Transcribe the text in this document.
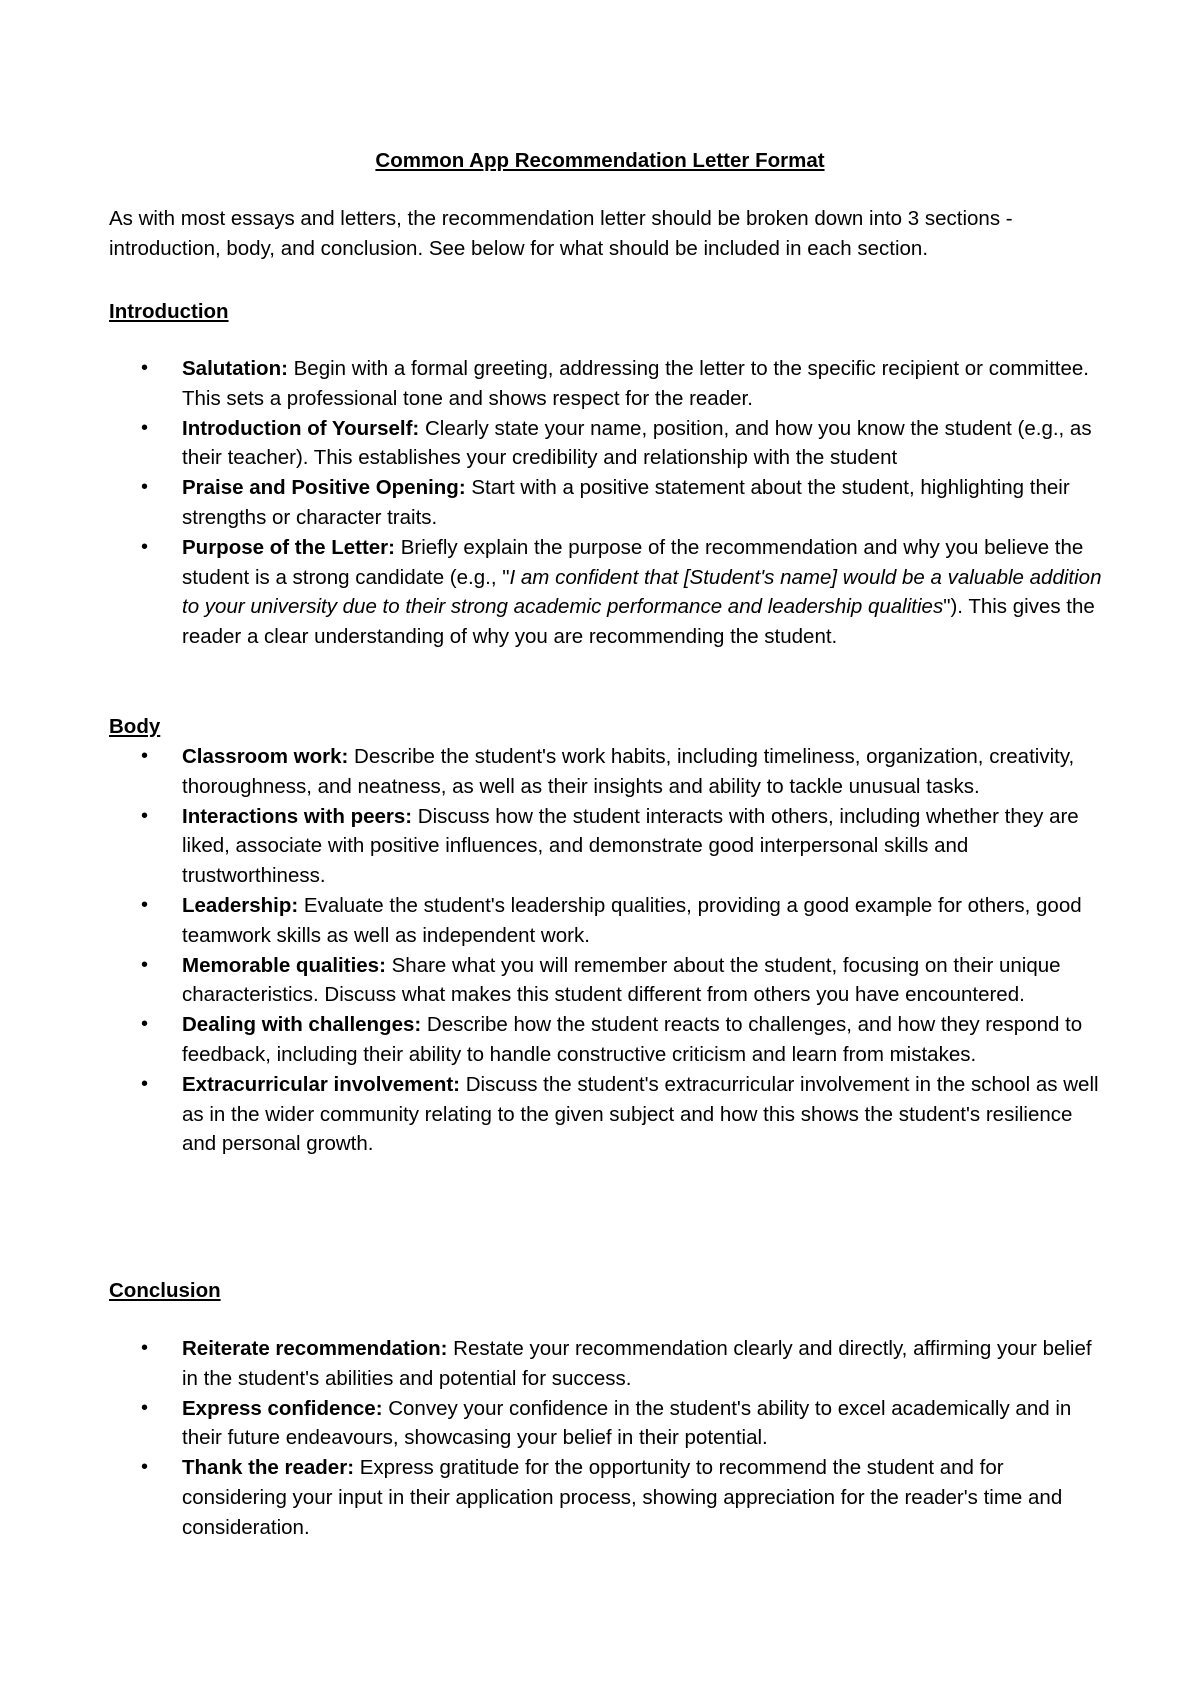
Common App Recommendation Letter Format

As with most essays and letters, the recommendation letter should be broken down into 3 sections - introduction, body, and conclusion. See below for what should be included in each section.

Introduction
• Salutation: Begin with a formal greeting, addressing the letter to the specific recipient or committee. This sets a professional tone and shows respect for the reader.
• Introduction of Yourself: Clearly state your name, position, and how you know the student (e.g., as their teacher). This establishes your credibility and relationship with the student
• Praise and Positive Opening: Start with a positive statement about the student, highlighting their strengths or character traits.
• Purpose of the Letter: Briefly explain the purpose of the recommendation and why you believe the student is a strong candidate (e.g., "I am confident that [Student's name] would be a valuable addition to your university due to their strong academic performance and leadership qualities"). This gives the reader a clear understanding of why you are recommending the student.
Body
• Classroom work: Describe the student's work habits, including timeliness, organization, creativity, thoroughness, and neatness, as well as their insights and ability to tackle unusual tasks.
• Interactions with peers: Discuss how the student interacts with others, including whether they are liked, associate with positive influences, and demonstrate good interpersonal skills and trustworthiness.
• Leadership: Evaluate the student's leadership qualities, providing a good example for others, good teamwork skills as well as independent work.
• Memorable qualities: Share what you will remember about the student, focusing on their unique characteristics. Discuss what makes this student different from others you have encountered.
• Dealing with challenges: Describe how the student reacts to challenges, and how they respond to feedback, including their ability to handle constructive criticism and learn from mistakes.
• Extracurricular involvement: Discuss the student's extracurricular involvement in the school as well as in the wider community relating to the given subject and how this shows the student's resilience and personal growth.
Conclusion
• Reiterate recommendation: Restate your recommendation clearly and directly, affirming your belief in the student's abilities and potential for success.
• Express confidence: Convey your confidence in the student's ability to excel academically and in their future endeavours, showcasing your belief in their potential.
• Thank the reader: Express gratitude for the opportunity to recommend the student and for considering your input in their application process, showing appreciation for the reader's time and consideration.
